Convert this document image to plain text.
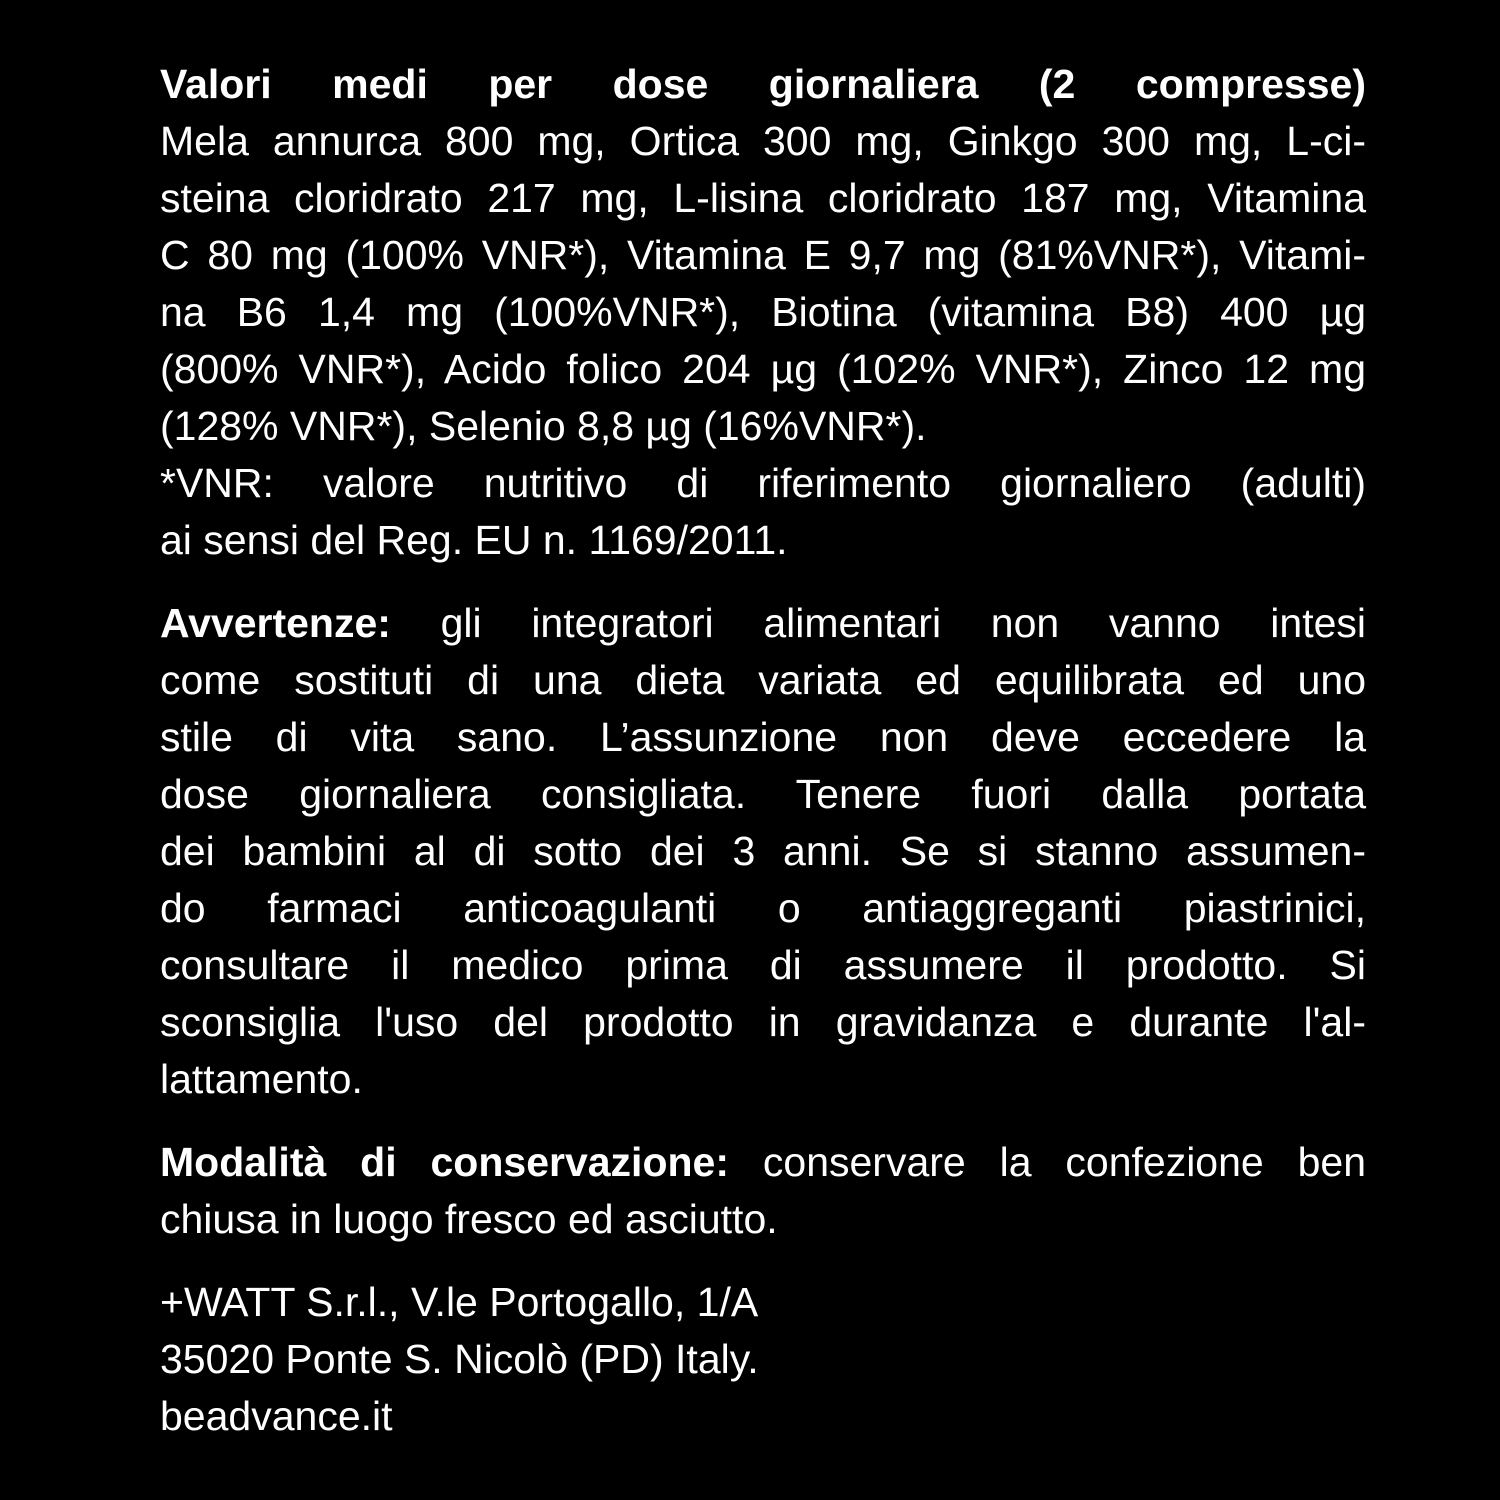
Valori medi per dose giornaliera (2 compresse)
Mela annurca 800 mg, Ortica 300 mg, Ginkgo 300 mg, L-ci-
steina cloridrato 217 mg, L-lisina cloridrato 187 mg, Vitamina
C 80 mg (100% VNR*), Vitamina E 9,7 mg (81%VNR*), Vitami-
na B6 1,4 mg (100%VNR*), Biotina (vitamina B8) 400 µg
(800% VNR*), Acido folico 204 µg (102% VNR*), Zinco 12 mg
(128% VNR*), Selenio 8,8 µg (16%VNR*).
*VNR: valore nutritivo di riferimento giornaliero (adulti)
ai sensi del Reg. EU n. 1169/2011.
Avvertenze: gli integratori alimentari non vanno intesi
come sostituti di una dieta variata ed equilibrata ed uno
stile di vita sano. L’assunzione non deve eccedere la
dose giornaliera consigliata. Tenere fuori dalla portata
dei bambini al di sotto dei 3 anni. Se si stanno assumen-
do farmaci anticoagulanti o antiaggreganti piastrinici,
consultare il medico prima di assumere il prodotto. Si
sconsiglia l'uso del prodotto in gravidanza e durante l'al-
lattamento.
Modalità di conservazione: conservare la confezione ben
chiusa in luogo fresco ed asciutto.
+WATT S.r.l., V.le Portogallo, 1/A
35020 Ponte S. Nicolò (PD) Italy.
beadvance.it
